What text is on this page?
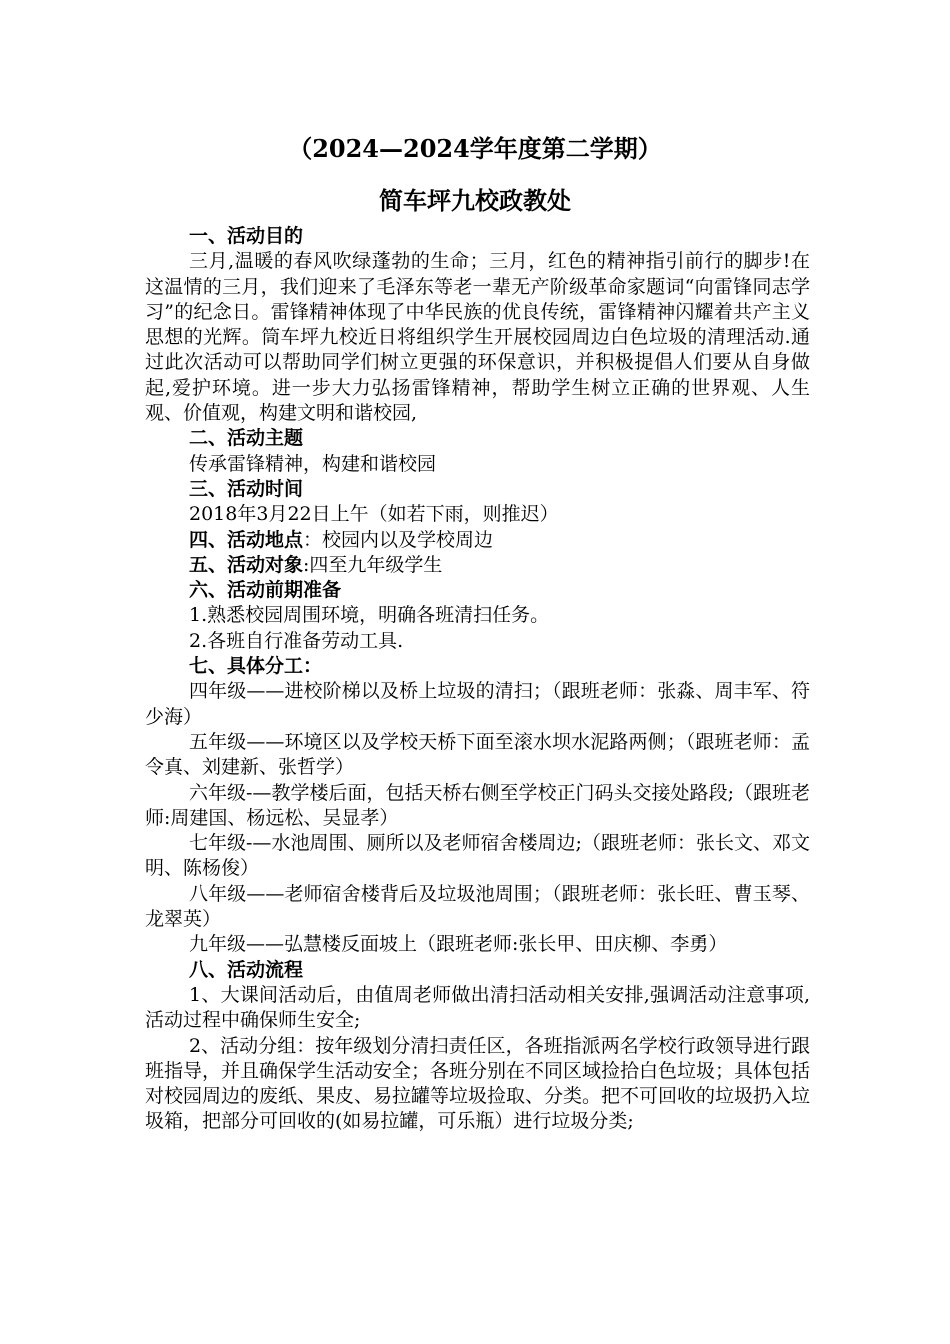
（2024—2024学年度第二学期）

简车坪九校政教处

一、活动目的

三月,温暖的春风吹绿蓬勃的生命；三月，红色的精神指引前行的脚步!在这温情的三月，我们迎来了毛泽东等老一辈无产阶级革命家题词“向雷锋同志学习”的纪念日。雷锋精神体现了中华民族的优良传统，雷锋精神闪耀着共产主义思想的光辉。筒车坪九校近日将组织学生开展校园周边白色垃圾的清理活动.通过此次活动可以帮助同学们树立更强的环保意识，并积极提倡人们要从自身做起,爱护环境。进一步大力弘扬雷锋精神，帮助学生树立正确的世界观、人生观、价值观，构建文明和谐校园,

二、活动主题

传承雷锋精神，构建和谐校园

三、活动时间

2018年3月22日上午（如若下雨，则推迟）

四、活动地点：校园内以及学校周边

五、活动对象:四至九年级学生

六、活动前期准备

1.熟悉校园周围环境，明确各班清扫任务。

2.各班自行准备劳动工具.

七、具体分工：

四年级——进校阶梯以及桥上垃圾的清扫；（跟班老师：张淼、周丰军、符少海）

五年级——环境区以及学校天桥下面至滚水坝水泥路两侧；（跟班老师：孟令真、刘建新、张哲学）

六年级-—教学楼后面，包括天桥右侧至学校正门码头交接处路段;（跟班老师:周建国、杨远松、吴显孝）

七年级-—水池周围、厕所以及老师宿舍楼周边;（跟班老师：张长文、邓文明、陈杨俊）

八年级——老师宿舍楼背后及垃圾池周围；（跟班老师：张长旺、曹玉琴、龙翠英）

九年级——弘慧楼反面坡上（跟班老师:张长甲、田庆柳、李勇）

八、活动流程

1、大课间活动后，由值周老师做出清扫活动相关安排,强调活动注意事项,活动过程中确保师生安全;

2、活动分组：按年级划分清扫责任区，各班指派两名学校行政领导进行跟班指导，并且确保学生活动安全；各班分别在不同区域捡拾白色垃圾；具体包括对校园周边的废纸、果皮、易拉罐等垃圾捡取、分类。把不可回收的垃圾扔入垃圾箱，把部分可回收的(如易拉罐，可乐瓶）进行垃圾分类;
